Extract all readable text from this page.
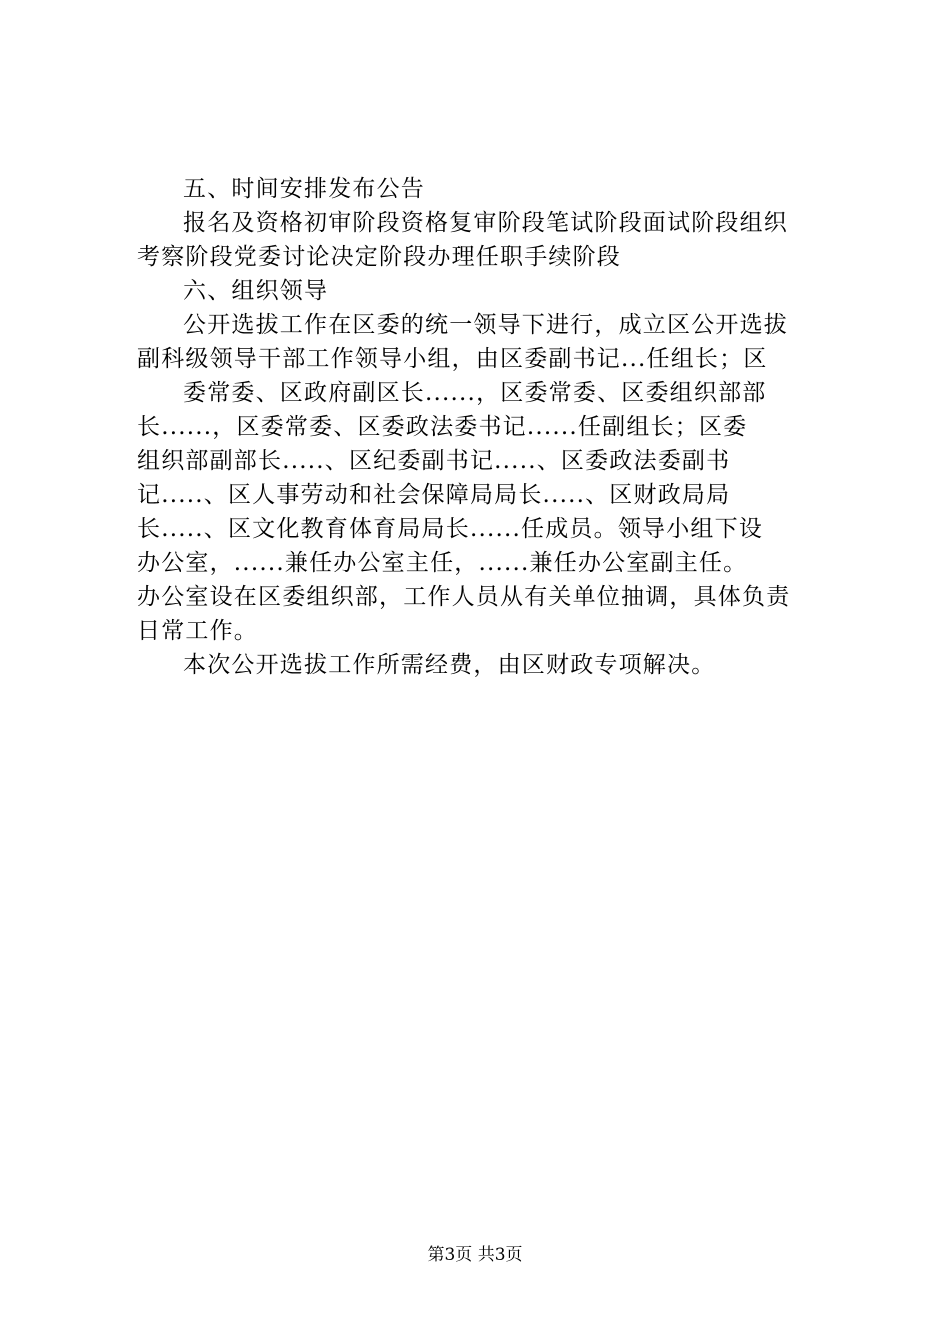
五、时间安排发布公告
报名及资格初审阶段资格复审阶段笔试阶段面试阶段组织
考察阶段党委讨论决定阶段办理任职手续阶段
六、组织领导
公开选拔工作在区委的统一领导下进行，成立区公开选拔
副科级领导干部工作领导小组，由区委副书记...任组长；区
委常委、区政府副区长......，区委常委、区委组织部部
长......，区委常委、区委政法委书记......任副组长；区委
组织部副部长.....、区纪委副书记.....、区委政法委副书
记.....、区人事劳动和社会保障局局长.....、区财政局局
长.....、区文化教育体育局局长......任成员。领导小组下设
办公室，......兼任办公室主任，......兼任办公室副主任。
办公室设在区委组织部，工作人员从有关单位抽调，具体负责
日常工作。
本次公开选拔工作所需经费，由区财政专项解决。
第3页 共3页
